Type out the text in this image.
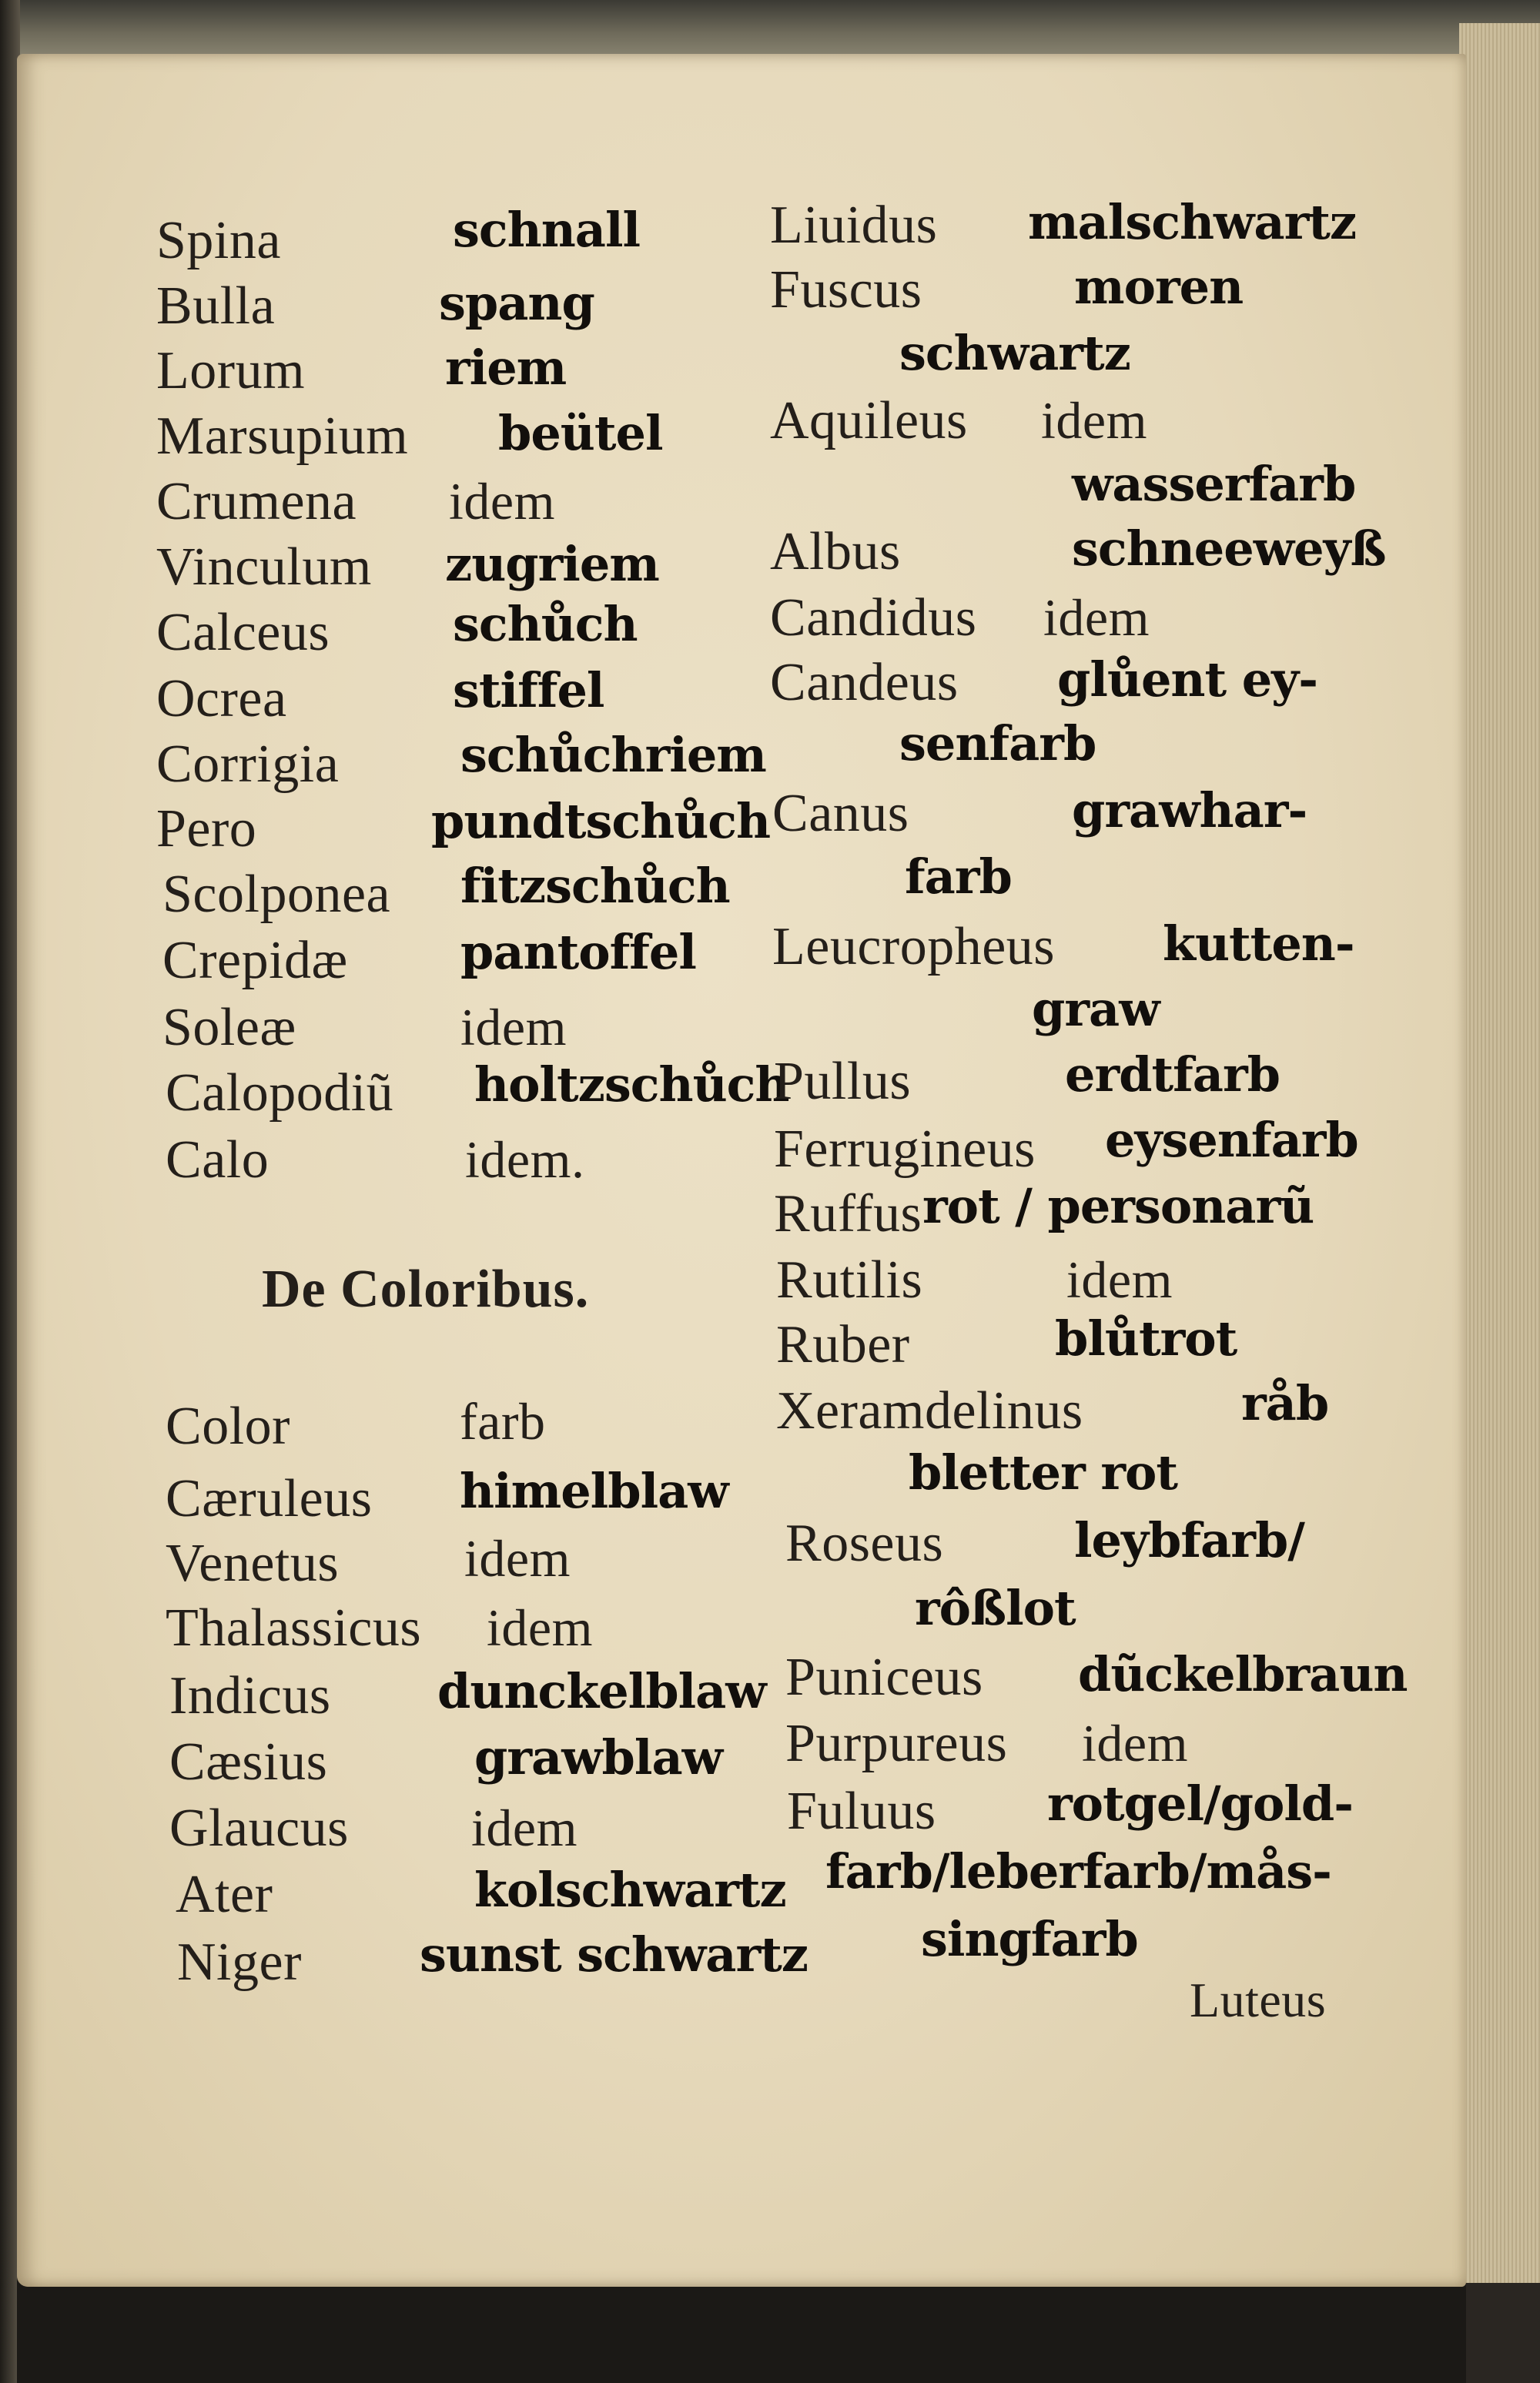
Spina	schnall
Bulla	spang
Lorum	riem
Marsupium beütel
Crumena idem
Vinculum zugriem
Calceus	schůch
Ocrea	stiffel
Corrigia	schůchriem
Pero	pundtschůch
Scolponea fitzschůch
Crepidæ pantoffel
Soleæ	idem
Calopodiũ holtzschůch
Calo	idem.
De Coloribus.
Color	farb
Cæruleus himelblaw
Venetus idem
Thalassicus idem
Indicus dunckelblaw
Cæsius	grawblaw
Glaucus idem
Ater	kolschwartz
Niger sunst schwartz
Liuidus malschwartz
Fuscus	moren
schwartz
Aquileus idem
wasserfarb
Albus	schneeweyß
Candidus idem
Candeus glůent ey-
senfarb
Canus	grawhar-
farb
Leucropheus kutten-
graw
Pullus	erdtfarb
Ferrugineus eysenfarb
Ruffus rot / personarũ
Rutilis	idem
Ruber	blůtrot
Xeramdelinus	råb
bletter rot
Roseus	leybfarb/
rôßlot
Puniceus dũckelbraun
Purpureus idem
Fuluus rotgel/gold-
farb/leberfarb/mås-
singfarb
Luteus
